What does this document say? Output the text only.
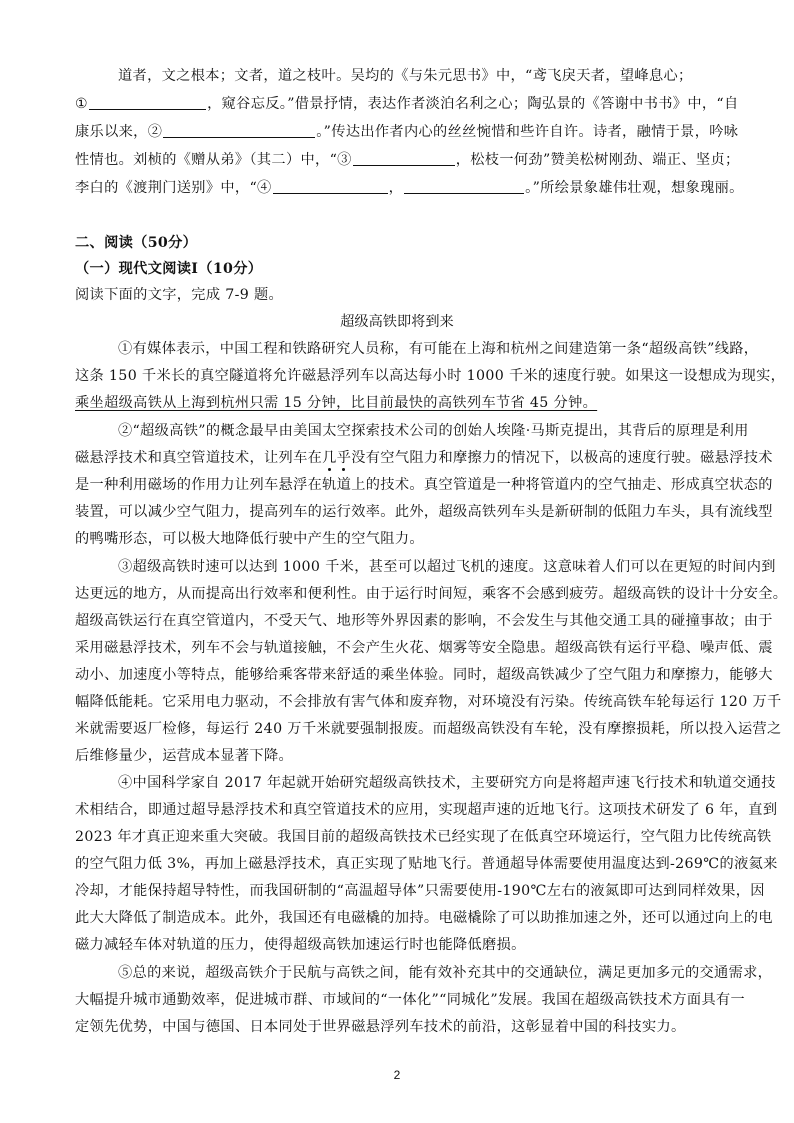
道者，文之根本；文者，道之枝叶。吴均的《与朱元思书》中，“鸢飞戾天者，望峰息心；
①	，窥谷忘反。”借景抒情，表达作者淡泊名利之心；陶弘景的《答谢中书书》中，“自
康乐以来，②	。”传达出作者内心的丝丝惋惜和些许自许。诗者，融情于景，吟咏
性情也。刘桢的《赠从弟》（其二）中，“③	，松枝一何劲”赞美松树刚劲、端正、坚贞；
李白的《渡荆门送别》中，“④	，	。”所绘景象雄伟壮观，想象瑰丽。
二、阅读（50分）
（一）现代文阅读Ⅰ（10分）
阅读下面的文字，完成 7-9 题。
超级高铁即将到来
①有媒体表示，中国工程和铁路研究人员称，有可能在上海和杭州之间建造第一条“超级高铁”线路，
这条 150 千米长的真空隧道将允许磁悬浮列车以高达每小时 1000 千米的速度行驶。如果这一设想成为现实，
乘坐超级高铁从上海到杭州只需 15 分钟，比目前最快的高铁列车节省 45 分钟。
②“超级高铁”的概念最早由美国太空探索技术公司的创始人埃隆·马斯克提出，其背后的原理是利用
磁悬浮技术和真空管道技术，让列车在几乎没有空气阻力和摩擦力的情况下，以极高的速度行驶。磁悬浮技术
是一种利用磁场的作用力让列车悬浮在轨道上的技术。真空管道是一种将管道内的空气抽走、形成真空状态的
装置，可以减少空气阻力，提高列车的运行效率。此外，超级高铁列车头是新研制的低阻力车头，具有流线型
的鸭嘴形态，可以极大地降低行驶中产生的空气阻力。
③超级高铁时速可以达到 1000 千米，甚至可以超过飞机的速度。这意味着人们可以在更短的时间内到
达更远的地方，从而提高出行效率和便利性。由于运行时间短，乘客不会感到疲劳。超级高铁的设计十分安全。
超级高铁运行在真空管道内，不受天气、地形等外界因素的影响，不会发生与其他交通工具的碰撞事故；由于
采用磁悬浮技术，列车不会与轨道接触，不会产生火花、烟雾等安全隐患。超级高铁有运行平稳、噪声低、震
动小、加速度小等特点，能够给乘客带来舒适的乘坐体验。同时，超级高铁减少了空气阻力和摩擦力，能够大
幅降低能耗。它采用电力驱动，不会排放有害气体和废弃物，对环境没有污染。传统高铁车轮每运行 120 万千
米就需要返厂检修，每运行 240 万千米就要强制报废。而超级高铁没有车轮，没有摩擦损耗，所以投入运营之
后维修量少，运营成本显著下降。
④中国科学家自 2017 年起就开始研究超级高铁技术，主要研究方向是将超声速飞行技术和轨道交通技
术相结合，即通过超导悬浮技术和真空管道技术的应用，实现超声速的近地飞行。这项技术研发了 6 年，直到
2023 年才真正迎来重大突破。我国目前的超级高铁技术已经实现了在低真空环境运行，空气阻力比传统高铁
的空气阻力低 3%，再加上磁悬浮技术，真正实现了贴地飞行。普通超导体需要使用温度达到-269℃的液氦来
冷却，才能保持超导特性，而我国研制的“高温超导体”只需要使用-190℃左右的液氮即可达到同样效果，因
此大大降低了制造成本。此外，我国还有电磁橇的加持。电磁橇除了可以助推加速之外，还可以通过向上的电
磁力减轻车体对轨道的压力，使得超级高铁加速运行时也能降低磨损。
⑤总的来说，超级高铁介于民航与高铁之间，能有效补充其中的交通缺位，满足更加多元的交通需求，
大幅提升城市通勤效率，促进城市群、市域间的“一体化”“同城化”发展。我国在超级高铁技术方面具有一
定领先优势，中国与德国、日本同处于世界磁悬浮列车技术的前沿，这彰显着中国的科技实力。
2
